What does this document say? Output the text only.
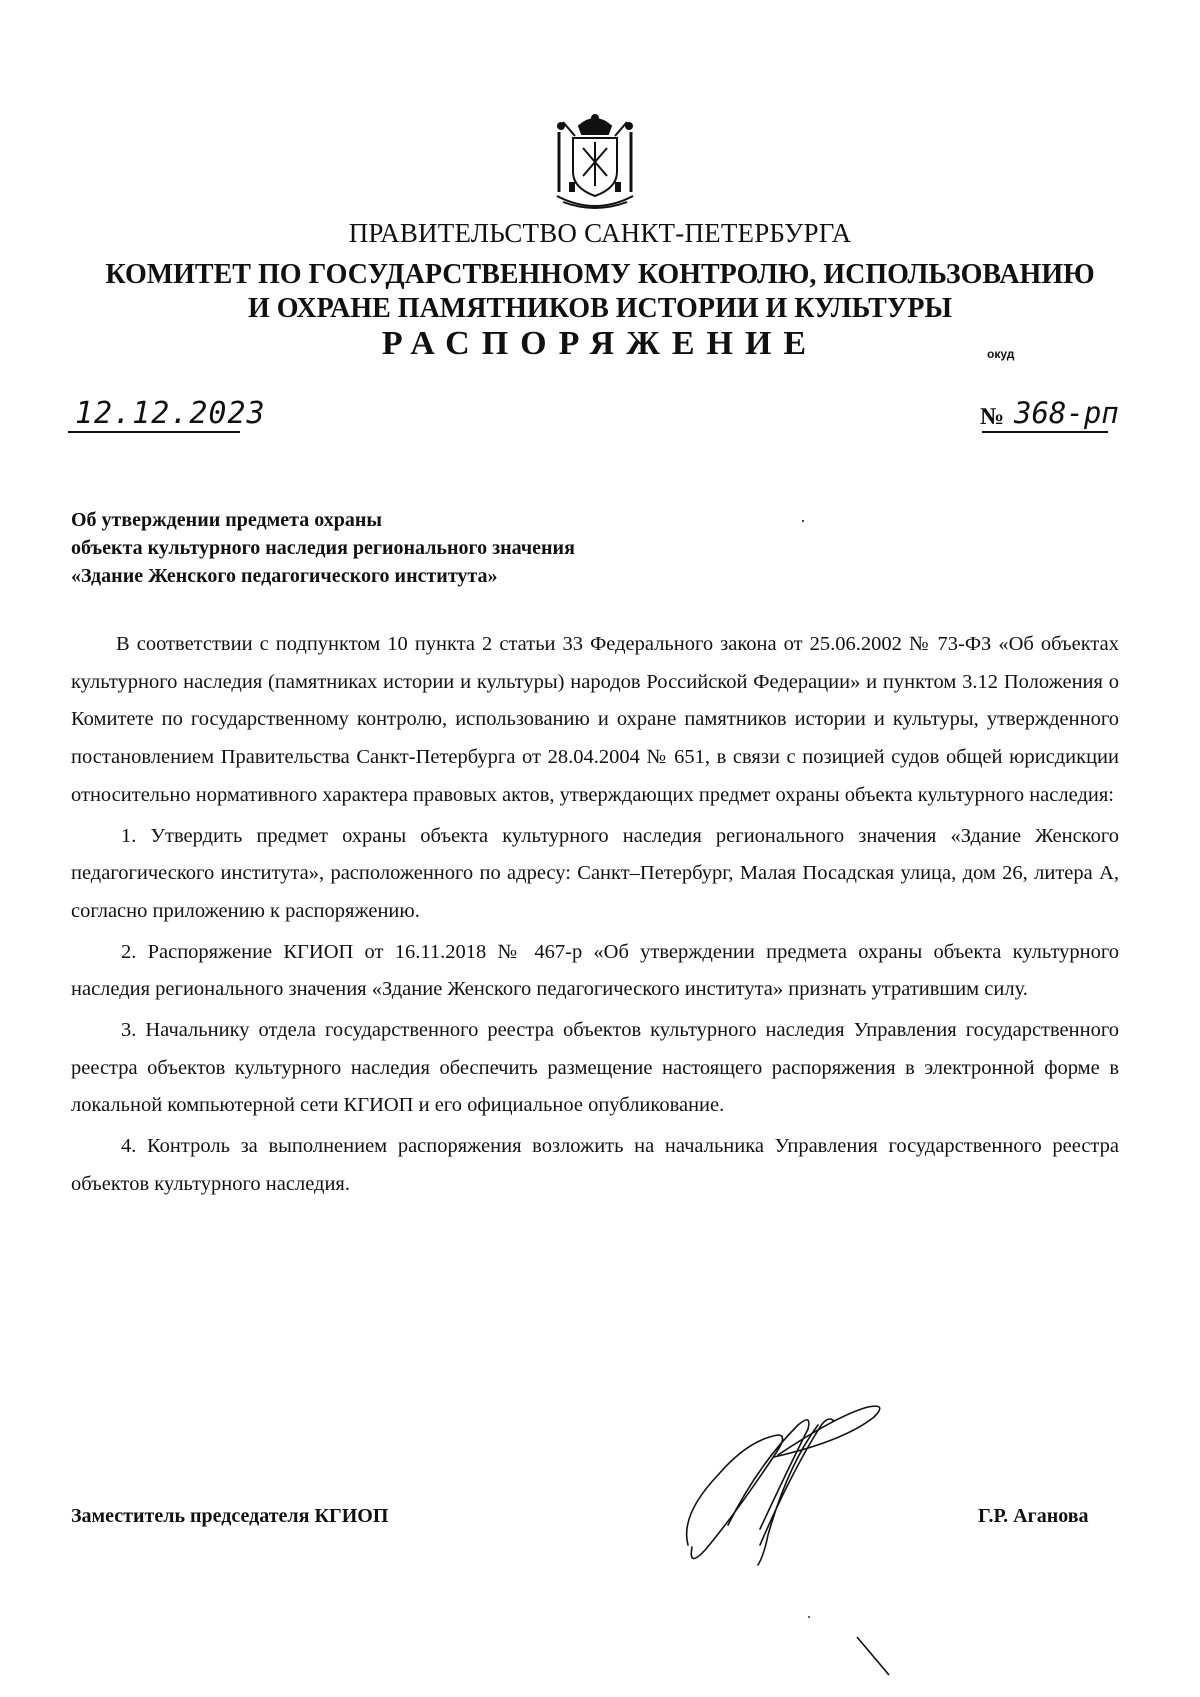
ПРАВИТЕЛЬСТВО САНКТ-ПЕТЕРБУРГА
КОМИТЕТ ПО ГОСУДАРСТВЕННОМУ КОНТРОЛЮ, ИСПОЛЬЗОВАНИЮ
И ОХРАНЕ ПАМЯТНИКОВ ИСТОРИИ И КУЛЬТУРЫ
РАСПОРЯЖЕНИЕ	окуд
12.12.2023	№ 368-рп
Об утверждении предмета охраны
объекта культурного наследия регионального значения
«Здание Женского педагогического института»

В соответствии с подпунктом 10 пункта 2 статьи 33 Федерального закона от 25.06.2002 № 73-ФЗ «Об объектах культурного наследия (памятниках истории и культуры) народов Российской Федерации» и пунктом 3.12 Положения о Комитете по государственному контролю, использованию и охране памятников истории и культуры, утвержденного постановлением Правительства Санкт-Петербурга от 28.04.2004 № 651, в связи с позицией судов общей юрисдикции относительно нормативного характера правовых актов, утверждающих предмет охраны объекта культурного наследия:

1. Утвердить предмет охраны объекта культурного наследия регионального значения «Здание Женского педагогического института», расположенного по адресу: Санкт–Петербург, Малая Посадская улица, дом 26, литера А, согласно приложению к распоряжению.

2. Распоряжение КГИОП от 16.11.2018 № 467-р «Об утверждении предмета охраны объекта культурного наследия регионального значения «Здание Женского педагогического института» признать утратившим силу.

3. Начальнику отдела государственного реестра объектов культурного наследия Управления государственного реестра объектов культурного наследия обеспечить размещение настоящего распоряжения в электронной форме в локальной компьютерной сети КГИОП и его официальное опубликование.

4. Контроль за выполнением распоряжения возложить на начальника Управления государственного реестра объектов культурного наследия.

Заместитель председателя КГИОП	Г.Р. Аганова
